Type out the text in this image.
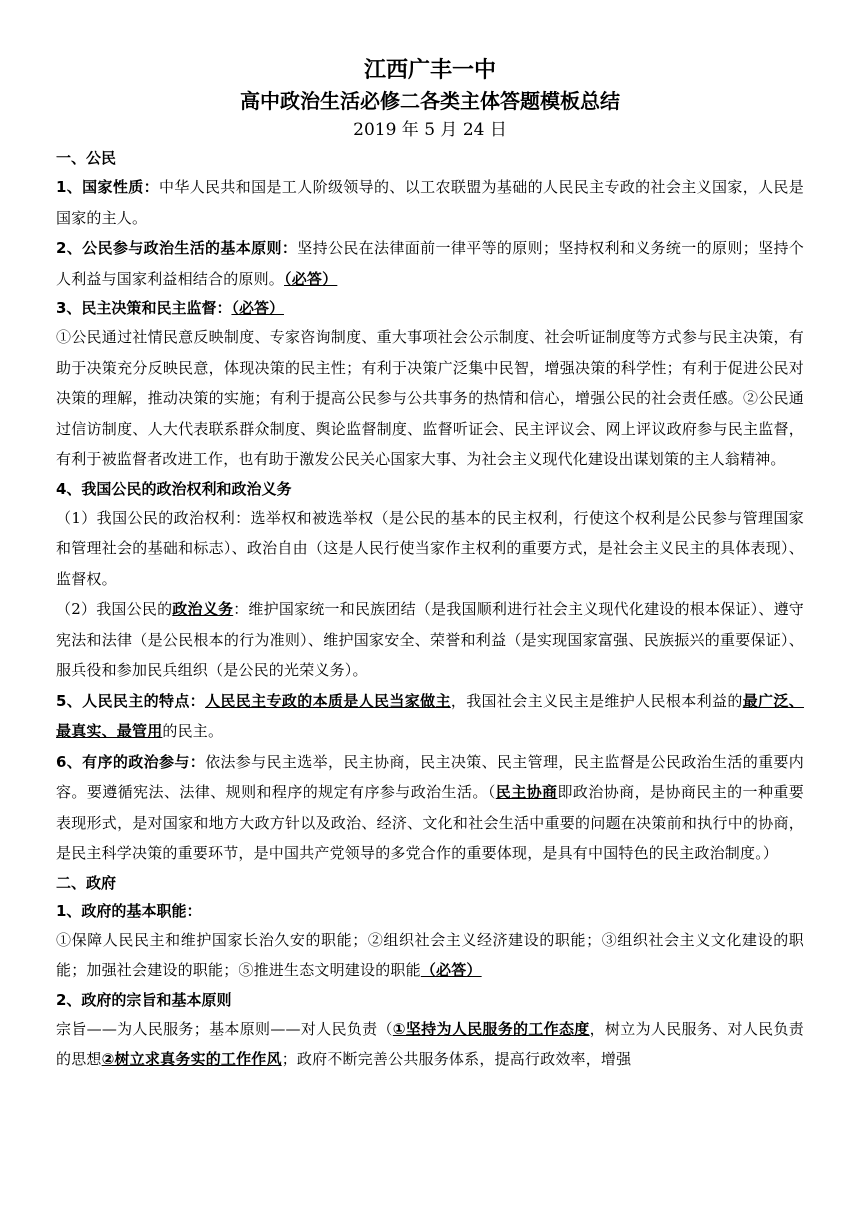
江西广丰一中
高中政治生活必修二各类主体答题模板总结
2019 年 5 月 24 日
一、公民

1、国家性质：中华人民共和国是工人阶级领导的、以工农联盟为基础的人民民主专政的社会主义国家，人民是国家的主人。

2、公民参与政治生活的基本原则：坚持公民在法律面前一律平等的原则；坚持权利和义务统一的原则；坚持个人利益与国家利益相结合的原则。（必答）

3、民主决策和民主监督：（必答）

①公民通过社情民意反映制度、专家咨询制度、重大事项社会公示制度、社会听证制度等方式参与民主决策，有助于决策充分反映民意，体现决策的民主性；有利于决策广泛集中民智，增强决策的科学性；有利于促进公民对决策的理解，推动决策的实施；有利于提高公民参与公共事务的热情和信心，增强公民的社会责任感。②公民通过信访制度、人大代表联系群众制度、舆论监督制度、监督听证会、民主评议会、网上评议政府参与民主监督，有利于被监督者改进工作，也有助于激发公民关心国家大事、为社会主义现代化建设出谋划策的主人翁精神。

4、我国公民的政治权利和政治义务

（1）我国公民的政治权利：选举权和被选举权（是公民的基本的民主权利，行使这个权利是公民参与管理国家和管理社会的基础和标志）、政治自由（这是人民行使当家作主权利的重要方式，是社会主义民主的具体表现）、监督权。

（2）我国公民的政治义务：维护国家统一和民族团结（是我国顺利进行社会主义现代化建设的根本保证）、遵守宪法和法律（是公民根本的行为准则）、维护国家安全、荣誉和利益（是实现国家富强、民族振兴的重要保证）、服兵役和参加民兵组织（是公民的光荣义务）。

5、人民民主的特点：人民民主专政的本质是人民当家做主，我国社会主义民主是维护人民根本利益的最广泛、最真实、最管用的民主。

6、有序的政治参与：依法参与民主选举，民主协商，民主决策、民主管理，民主监督是公民政治生活的重要内容。要遵循宪法、法律、规则和程序的规定有序参与政治生活。（民主协商即政治协商，是协商民主的一种重要表现形式，是对国家和地方大政方针以及政治、经济、文化和社会生活中重要的问题在决策前和执行中的协商，是民主科学决策的重要环节，是中国共产党领导的多党合作的重要体现，是具有中国特色的民主政治制度。）

二、政府
1、政府的基本职能：

①保障人民民主和维护国家长治久安的职能；②组织社会主义经济建设的职能；③组织社会主义文化建设的职能；加强社会建设的职能；⑤推进生态文明建设的职能（必答）

2、政府的宗旨和基本原则

宗旨——为人民服务；基本原则——对人民负责（①坚持为人民服务的工作态度，树立为人民服务、对人民负责的思想②树立求真务实的工作作风；政府不断完善公共服务体系，提高行政效率，增强
